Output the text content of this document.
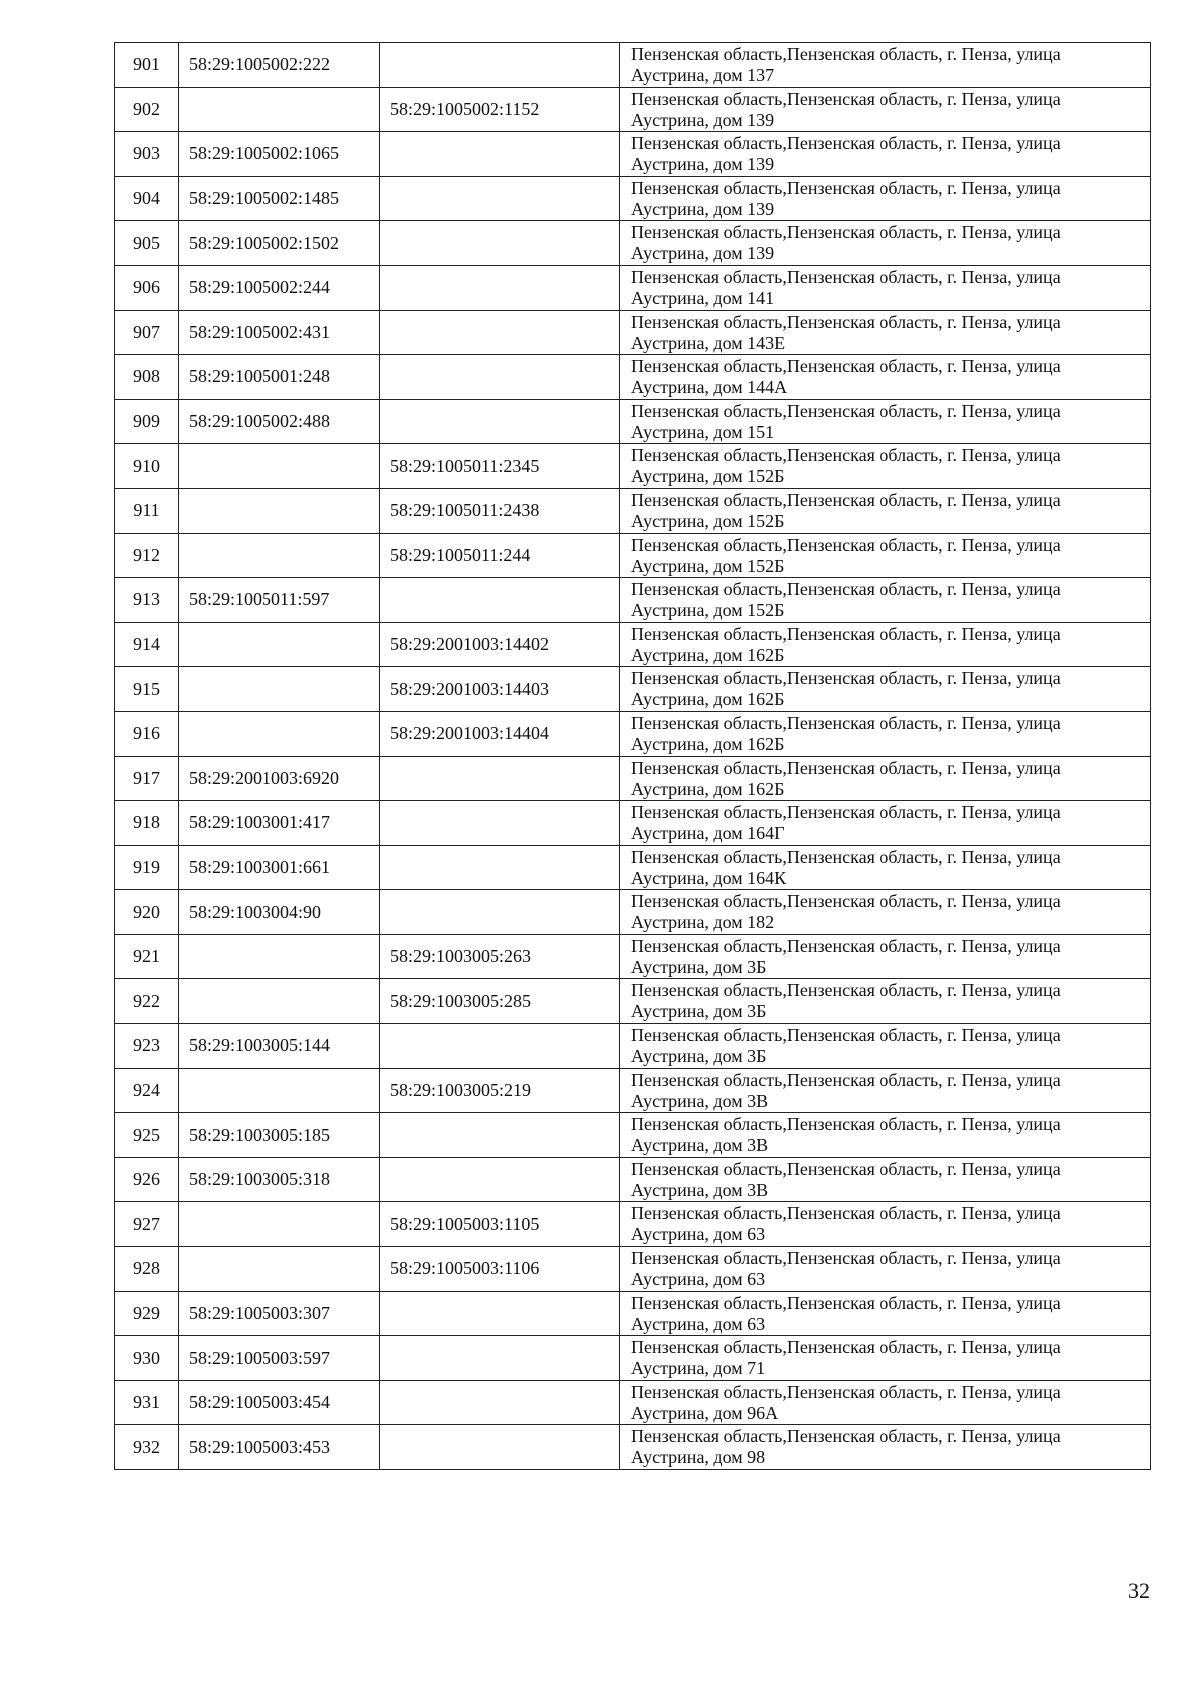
901	58:29:1005002:222		Пензенская область,Пензенская область, г. Пенза, улица
Аустрина, дом 137

902		58:29:1005002:1152	Пензенская область,Пензенская область, г. Пенза, улица
Аустрина, дом 139

903	58:29:1005002:1065		Пензенская область,Пензенская область, г. Пенза, улица
Аустрина, дом 139

904	58:29:1005002:1485		Пензенская область,Пензенская область, г. Пенза, улица
Аустрина, дом 139

905	58:29:1005002:1502		Пензенская область,Пензенская область, г. Пенза, улица
Аустрина, дом 139

906	58:29:1005002:244		Пензенская область,Пензенская область, г. Пенза, улица
Аустрина, дом 141

907	58:29:1005002:431		Пензенская область,Пензенская область, г. Пенза, улица
Аустрина, дом 143Е

908	58:29:1005001:248		Пензенская область,Пензенская область, г. Пенза, улица
Аустрина, дом 144А

909	58:29:1005002:488		Пензенская область,Пензенская область, г. Пенза, улица
Аустрина, дом 151

910		58:29:1005011:2345	Пензенская область,Пензенская область, г. Пенза, улица
Аустрина, дом 152Б

911		58:29:1005011:2438	Пензенская область,Пензенская область, г. Пенза, улица
Аустрина, дом 152Б

912		58:29:1005011:244	Пензенская область,Пензенская область, г. Пенза, улица
Аустрина, дом 152Б

913	58:29:1005011:597		Пензенская область,Пензенская область, г. Пенза, улица
Аустрина, дом 152Б

914		58:29:2001003:14402	Пензенская область,Пензенская область, г. Пенза, улица
Аустрина, дом 162Б

915		58:29:2001003:14403	Пензенская область,Пензенская область, г. Пенза, улица
Аустрина, дом 162Б

916		58:29:2001003:14404	Пензенская область,Пензенская область, г. Пенза, улица
Аустрина, дом 162Б

917	58:29:2001003:6920		Пензенская область,Пензенская область, г. Пенза, улица
Аустрина, дом 162Б

918	58:29:1003001:417		Пензенская область,Пензенская область, г. Пенза, улица
Аустрина, дом 164Г

919	58:29:1003001:661		Пензенская область,Пензенская область, г. Пенза, улица
Аустрина, дом 164К

920	58:29:1003004:90		Пензенская область,Пензенская область, г. Пенза, улица
Аустрина, дом 182

921		58:29:1003005:263	Пензенская область,Пензенская область, г. Пенза, улица
Аустрина, дом 3Б

922		58:29:1003005:285	Пензенская область,Пензенская область, г. Пенза, улица
Аустрина, дом 3Б

923	58:29:1003005:144		Пензенская область,Пензенская область, г. Пенза, улица
Аустрина, дом 3Б

924		58:29:1003005:219	Пензенская область,Пензенская область, г. Пенза, улица
Аустрина, дом 3В

925	58:29:1003005:185		Пензенская область,Пензенская область, г. Пенза, улица
Аустрина, дом 3В

926	58:29:1003005:318		Пензенская область,Пензенская область, г. Пенза, улица
Аустрина, дом 3В

927		58:29:1005003:1105	Пензенская область,Пензенская область, г. Пенза, улица
Аустрина, дом 63

928		58:29:1005003:1106	Пензенская область,Пензенская область, г. Пенза, улица
Аустрина, дом 63

929	58:29:1005003:307		Пензенская область,Пензенская область, г. Пенза, улица
Аустрина, дом 63

930	58:29:1005003:597		Пензенская область,Пензенская область, г. Пенза, улица
Аустрина, дом 71

931	58:29:1005003:454		Пензенская область,Пензенская область, г. Пенза, улица
Аустрина, дом 96А

932	58:29:1005003:453		Пензенская область,Пензенская область, г. Пенза, улица
Аустрина, дом 98
32
